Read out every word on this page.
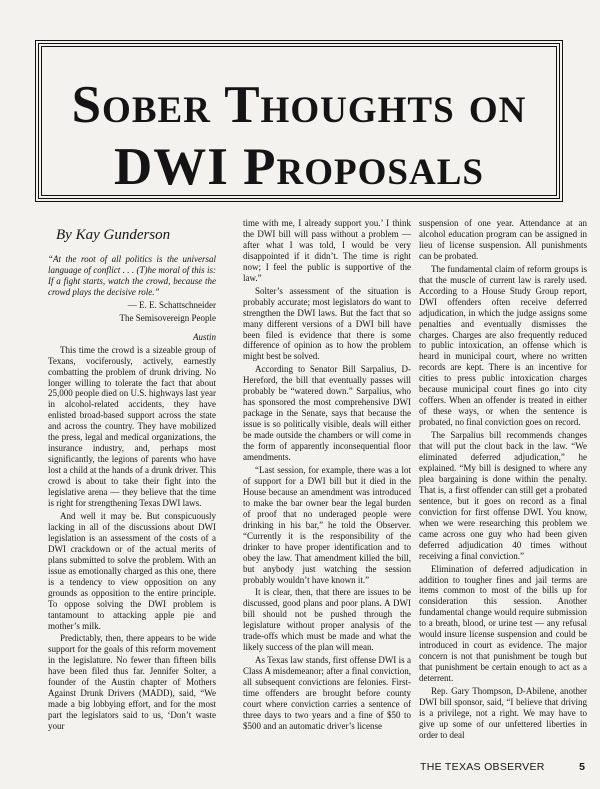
Sober Thoughts on
DWI Proposals
By Kay Gunderson

“At the root of all politics is the universal language of conflict . . . (T)he moral of this is: If a fight starts, watch the crowd, because the crowd plays the decisive role.”

— E. E. Schattschneider

The Semisovereign People

Austin

This time the crowd is a sizeable group of Texans, vociferously, actively, earnestly combatting the problem of drunk driving. No longer willing to tolerate the fact that about 25,000 people died on U.S. highways last year in alcohol-related accidents, they have enlisted broad-based support across the state and across the country. They have mobilized the press, legal and medical organizations, the insurance industry, and, perhaps most significantly, the legions of parents who have lost a child at the hands of a drunk driver. This crowd is about to take their fight into the legislative arena — they believe that the time is right for strengthening Texas DWI laws.

And well it may be. But conspicuously lacking in all of the discussions about DWI legislation is an assessment of the costs of a DWI crackdown or of the actual merits of plans submitted to solve the problem. With an issue as emotionally charged as this one, there is a tendency to view opposition on any grounds as opposition to the entire principle. To oppose solving the DWI problem is tantamount to attacking apple pie and mother’s milk.

Predictably, then, there appears to be wide support for the goals of this reform movement in the legislature. No fewer than fifteen bills have been filed thus far. Jennifer Solter, a founder of the Austin chapter of Mothers Against Drunk Drivers (MADD), said, “We made a big lobbying effort, and for the most part the legislators said to us, ‘Don’t waste your

time with me, I already support you.’ I think the DWI bill will pass without a problem — after what I was told, I would be very disappointed if it didn’t. The time is right now; I feel the public is supportive of the law.”

Solter’s assessment of the situation is probably accurate; most legislators do want to strengthen the DWI laws. But the fact that so many different versions of a DWI bill have been filed is evidence that there is some difference of opinion as to how the problem might best be solved.

According to Senator Bill Sarpalius, D-Hereford, the bill that eventually passes will probably be “watered down.” Sarpalius, who has sponsored the most comprehensive DWI package in the Senate, says that because the issue is so politically visible, deals will either be made outside the chambers or will come in the form of apparently inconsequential floor amendments.

“Last session, for example, there was a lot of support for a DWI bill but it died in the House because an amendment was introduced to make the bar owner bear the legal burden of proof that no underaged people were drinking in his bar,” he told the Observer. “Currently it is the responsibility of the drinker to have proper identification and to obey the law. That amendment killed the bill, but anybody just watching the session probably wouldn’t have known it.”

It is clear, then, that there are issues to be discussed, good plans and poor plans. A DWI bill should not be pushed through the legislature without proper analysis of the trade-offs which must be made and what the likely success of the plan will mean.

As Texas law stands, first offense DWI is a Class A misdemeanor; after a final conviction, all subsequent convictions are felonies. First-time offenders are brought before county court where conviction carries a sentence of three days to two years and a fine of $50 to $500 and an automatic driver’s license

suspension of one year. Attendance at an alcohol education program can be assigned in lieu of license suspension. All punishments can be probated.

The fundamental claim of reform groups is that the muscle of current law is rarely used. According to a House Study Group report, DWI offenders often receive deferred adjudication, in which the judge assigns some penalties and eventually dismisses the charges. Charges are also frequently reduced to public intoxication, an offense which is heard in municipal court, where no written records are kept. There is an incentive for cities to press public intoxication charges because municipal court fines go into city coffers. When an offender is treated in either of these ways, or when the sentence is probated, no final conviction goes on record.

The Sarpalius bill recommends changes that will put the clout back in the law. “We eliminated deferred adjudication,” he explained. “My bill is designed to where any plea bargaining is done within the penalty. That is, a first offender can still get a probated sentence, but it goes on record as a final conviction for first offense DWI. You know, when we were researching this problem we came across one guy who had been given deferred adjudication 40 times without receiving a final conviction.”

Elimination of deferred adjudication in addition to tougher fines and jail terms are items common to most of the bills up for consideration this session. Another fundamental change would require submission to a breath, blood, or urine test — any refusal would insure license suspension and could be introduced in court as evidence. The major concern is not that punishment be tough but that punishment be certain enough to act as a deterrent.

Rep. Gary Thompson, D-Abilene, another DWI bill sponsor, said, “I believe that driving is a privilege, not a right. We may have to give up some of our unfettered liberties in order to deal

THE TEXAS OBSERVER	5
